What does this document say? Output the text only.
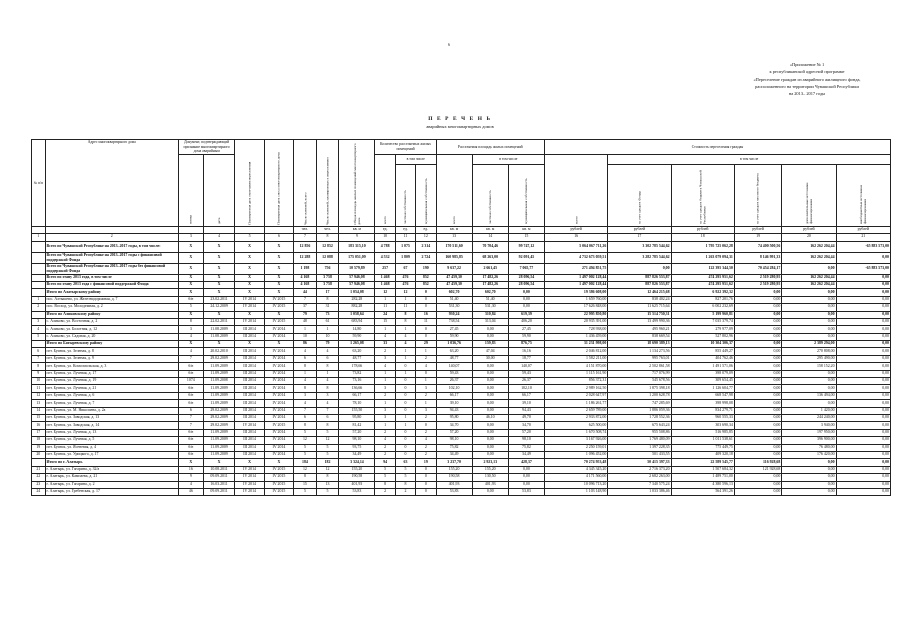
6
«Приложение № 1
к республиканской адресной программе
«Переселение граждан из аварийного жилищного фонда,
расположенного на территории Чувашской Республики
на 2013– 2017 годы
П Е Р Е Ч Е Н Ь
аварийных многоквартирных домов
№ п/п	Адрес многоквартирного дома	Документ, подтверждающий признание многоквартирного дома аварийным		Планируемая дата окончания переселения	Планируемая дата сноса многоквартирного дома	Число жителей, всего	Число жителей, планируемых к переселению	Общая площадь жилых помещений многоквартирного дома	Количество расселяемых жилых помещений			Расселяемая площадь жилых помещений			Стоимость переселения граждан					
		номер	дата						всего	в том числе		всего	в том числе		всего	в том числе				
										частная собственность	муниципальная собственность		частная собственность	муниципальная собственность		за счет средств Фонда	за счет средств бюджета Чувашской Республики	за счет средств местного бюджета	дополнительные источники финансирования	внебюджетные источники финансирования
						чел.	чел.	кв. м	ед.	ед.	ед.	кв. м	кв. м	кв. м	рублей	рублей	рублей	рублей	рублей	рублей
1	2	3	4	5	6	7	8	9	10	11	12	13	14	15	16	17	18	19	20	21
	Всего по Чувашской Республике на 2013–2017 годы, в том числе:	Х	Х	Х	Х	12 856	12 852	183 315,10	4 788	1 075	2 314	170 511,60	70 704,46	99 747,12	5 064 067 711,26	3 302 785 544,62	1 795 725 062,28	74 400 500,56	162 262 204,44	-65 883 573,00
	Всего по Чувашской Республике на 2013–2017 годы с финансовой поддержкой Фонда	Х	Х	Х	Х	12 288	12 088	175 051,09	4 532	1 809	2 724	160 985,85	68 263,00	92 091,45	4 732 673 059,51	3 282 785 544,62	1 263 079 094,31	8 146 991,33	162 262 204,44	0,00
	Всего по Чувашской Республике на 2013–2017 годы без финансовой поддержкой Фонда	Х	Х	Х	Х	1 198	756	10 579,89	257	67	190	9 637,22	2 661,45	7 065,77	271 494 851,75	0,00	122 395 344,50	70 454 284,17	0,00	-65 883 573,00
	Всего по этапу 2013 года, в том числе	Х	Х	Х	Х	4 168	3 758	57 946,08	1 468	476	852	47 459,30	17 482,26	28 096,54	1 497 002 128,44	887 826 553,87	474 295 951,62	2 519 280,95	162 262 204,44	0,00
	Всего по этапу 2013 года с финансовой поддержкой Фонда	Х	Х	Х	Х	4 168	3 758	57 946,08	1 468	476	852	47 459,30	17 482,26	28 096,54	1 497 002 128,44	887 826 553,87	474 295 951,62	2 519 280,95	162 262 204,44	0,00
	Итого по Алатырскому району	Х	Х	Х	Х	44	17	1 054,08	12	12	0	602,70	602,70	0,00	19 386 608,00	12 464 215,68	6 922 392,32	0,00	0,00	0,00
1	пос. Алтышево, ул. Железнодорожная, д. 7	б/н	23.02.2011	IV 2014	IV 2015	7	8	282,28	1	1	0	51,40	51,40	0,00	1 659 760,00	838 402,24	827 201,76	0,00	0,00	0,00
2	пос. Восход, ул. Молодежная, д. 2	5	24.12.2009	IV 2014	IV 2015	37	31	882,28	11	11	0	531,30	531,30	0,00	17 626 848,00	11 625 715,64	6 002 232,69	0,00	0,00	0,00
	Итого по Аликовскому району	Х	Х	Х	Х	79	73	1 058,64	24	8	16	930,24	310,84	619,39	22 995 850,80	15 514 750,31	5 199 960,81	0,00	0,00	0,00
3	с. Аликово, ул. Восточная, д. 2	8	22.02.2011	IV 2014	IV 2015	48	61	683,94	15	8	11	738,54	313,04	406,20	20 935 391,00	13 499 990,36	7 035 379,74	0,00	0,00	0,00
4	с. Аликово, ул. Болотная, д. 12	3	11.08.2009	III 2014	IV 2014	1	1	14,80	1	1	0	27,45	0,00	27,45	728 938,00	495 960,21	279 977,09	0,00	0,00	0,00
5	с. Аликово, ул. Садовая, д. 20	4	11.08.2009	III 2014	IV 2014	10	10	59,90	4	4	0	59,90	0,00	59,90	1 436 459,00	838 669,54	527 802,96	0,00	0,00	0,00
	Итого по Батыревскому району	Х	Х	Х	Х	86	79	1 265,08	33	4	29	1 036,76	159,83	876,75	31 231 998,00	18 690 389,13	10 304 306,37	0,00	2 389 294,00	0,00
6	пгт. Буинск, ул. Зеленая, д. 8	4	20.02.2010	III 2014	IV 2014	4	4	63,20	2	1	1	63,20	47,04	16,16	2 046 812,00	1 134 273,56	855 449,27	0,00	270 808,00	0,00
7	пгт. Буинск, ул. Зеленая, д. 9	7	29.02.2009	III 2014	IV 2014	6	6	48,77	3	1	2	48,77	30,00	18,77	1 582 211,00	995 763,01	404 762,46	0,00	295 490,00	0,00
8	пгт. Буинск, ул. Комсомольская, д. 3	б/н	11.09.2009	III 2014	IV 2014	8	8	178,66	4	0	4	140,07	0,00	140,07	4 151 870,00	2 502 861,58	1 491 571,06	0,00	158 152,20	0,00
9	пгт. Буинск, ул. Лучевая, д. 17	б/н	11.09.2009	III 2014	IV 2014	1	1	73,82	1	1	0	59,43	0,00	59,43	1 115 161,90	717 076,99	398 079,09	0,00	0,00	0,00
10	пгт. Буинск, ул. Лучевая, д. 19	1074	11.09.2008	III 2014	IV 2014	4	4	73,16	1	0	1	26,37	0,00	26,37	856 372,31	545 678,56	309 654,45	0,00	0,00	0,00
11	пгт. Буинск, ул. Лучевая, д. 21	б/н	11.09.2009	III 2014	IV 2014	8	8	136,66	3	0	3	102,10	0,00	102,10	2 989 162,50	1 875 398,18	1 126 604,77	0,00	0,00	0,00
12	пгт. Буинск, ул. Лучевая, д. 6	б/н	11.09.2009	III 2014	IV 2014	3	3	66,17	2	0	2	66,17	0,00	66,17	2 028 647,97	1 200 628,78	668 547,98	0,00	136 494,00	0,00
13	пгт. Буинск, ул. Лучевая, д. 7	б/н	11.09.2009	III 2014	IV 2014	4	4	78,10	1	0	1	39,10	0,00	39,10	1 186 261,77	747 285,69	398 998,08	0,00	0,00	0,00
14	пгт. Буинск, ул. М. Николаева, д. 2а	6	29.02.2009	III 2014	IV 2014	7	7	155,50	3	0	3	94,43	0,00	94,43	2 659 789,00	1 886 059,36	834 279,71	0,00	1 420,00	0,00
15	пгт. Буинск, ул. Заводская, д. 13	7	29.02.2009	III 2014	IV 2014	6	6	95,80	3	1	2	95,80	46,10	49,70	2 933 872,00	1 728 552,36	960 555,33	0,00	244 240,00	0,00
16	пгт. Буинск, ул. Заводская, д. 14	7	29.02.2009	IV 2014	IV 2015	8	8	81,42	1	1	0	34,70	0,00	34,70	625 500,00	675 643,24	303 690,34	0,00	3 940,00	0,00
17	пгт. Буинск, ул. Лучевая, д. 13	б/н	11.09.2009	III 2014	IV 2014	5	5	57,20	2	0	2	57,20	0,00	57,20	1 670 508,74	955 508,86	516 985,85	0,00	197 950,00	0,00
18	пгт. Буинск, ул. Лучевая, д. 5	б/н	11.09.2009	III 2014	IV 2014	12	12	98,10	4	0	4	98,10	0,00	98,10	3 167 926,00	1 769 480,09	1 011 538,61	0,00	396 900,00	0,00
19	пгт. Буинск, ул. Ясеневая, д. 4	б/н	11.09.2009	III 2014	IV 2014	5	5	93,75	2	0	2	75,82	0,00	75,82	2 250 159,01	1 397 228,35	775 449,75	0,00	76 480,00	0,00
20	пгт. Буинск, ул. Урицкого, д. 17	б/н	11.09.2009	III 2014	IV 2014	5	5	34,49	2	0	2	34,49	0,00	34,49	1 096 452,00	501 433,55	409 320,18	0,00	176 420,00	0,00
	Итого по г. Алатырь	Х	Х	Х	Х	184	182	3 324,14	94	63	19	3 237,70	2 923,13	428,37	70 274 953,48	50 415 397,33	22 589 545,77	116 928,68	0,00	0,00
21	г. Алатырь, ул. Гагарина, д. 32/а	16	10.08.2011	IV 2014	IV 2015	12	12	155,20	5	5	0	155,20	155,20	0,00	4 345 345,20	2 716 373,20	1 507 684,32	121 928,68	0,00	0,00
22	г. Алатырь, ул. Кампаева, д. 21	9	09.09.2011	IV 2014	IV 2015	8	8	190,58	5	5	0	190,58	130,50	0,00	4 171 560,00	2 682 263,00	1 489 751,00	0,00	0,00	0,00
23	г. Алатырь, ул. Гагарина, д. 2	4	16.03.2011	IV 2014	IV 2015	15	13	401,93	8	8	0	401,93	401,93	0,00	10 096 713,20	7 340 575,24	4 380 596,13	0,00	0,00	0,00
24	г. Алатырь, ул. Гребенская, д. 17	46	09.09.2011	IV 2014	IV 2015	5	5	53,83	2	2	0	53,83	0,00	53,83	1 103 148,90	1 033 386,46	564 391,26	0,00	0,00	0,00
